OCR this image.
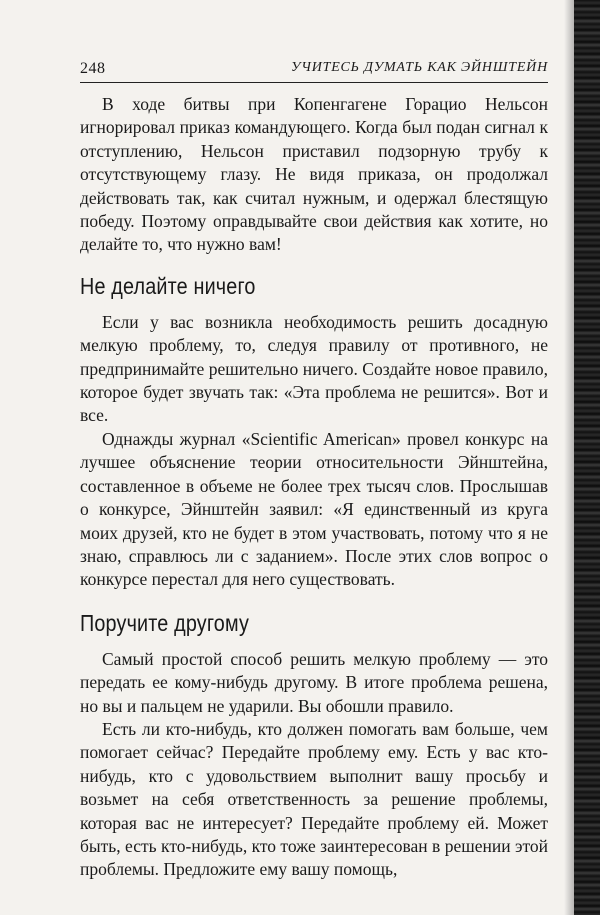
248	УЧИТЕСЬ ДУМАТЬ КАК ЭЙНШТЕЙН

В ходе битвы при Копенгагене Горацио Нельсон игнорировал приказ командующего. Когда был подан сигнал к отступлению, Нельсон приставил подзорную трубу к отсутствующему глазу. Не видя приказа, он продолжал действовать так, как считал нужным, и одержал блестящую победу. Поэтому оправдывайте свои действия как хотите, но делайте то, что нужно вам!

Не делайте ничего

Если у вас возникла необходимость решить досадную мелкую проблему, то, следуя правилу от противного, не предпринимайте решительно ничего. Создайте новое правило, которое будет звучать так: «Эта проблема не решится». Вот и все.

Однажды журнал «Scientific American» провел конкурс на лучшее объяснение теории относительности Эйнштейна, составленное в объеме не более трех тысяч слов. Прослышав о конкурсе, Эйнштейн заявил: «Я единственный из круга моих друзей, кто не будет в этом участвовать, потому что я не знаю, справлюсь ли с заданием». После этих слов вопрос о конкурсе перестал для него существовать.

Поручите другому

Самый простой способ решить мелкую проблему — это передать ее кому-нибудь другому. В итоге проблема решена, но вы и пальцем не ударили. Вы обошли правило.

Есть ли кто-нибудь, кто должен помогать вам больше, чем помогает сейчас? Передайте проблему ему. Есть у вас кто-нибудь, кто с удовольствием выполнит вашу просьбу и возьмет на себя ответственность за решение проблемы, которая вас не интересует? Передайте проблему ей. Может быть, есть кто-нибудь, кто тоже заинтересован в решении этой проблемы. Предложите ему вашу помощь,
